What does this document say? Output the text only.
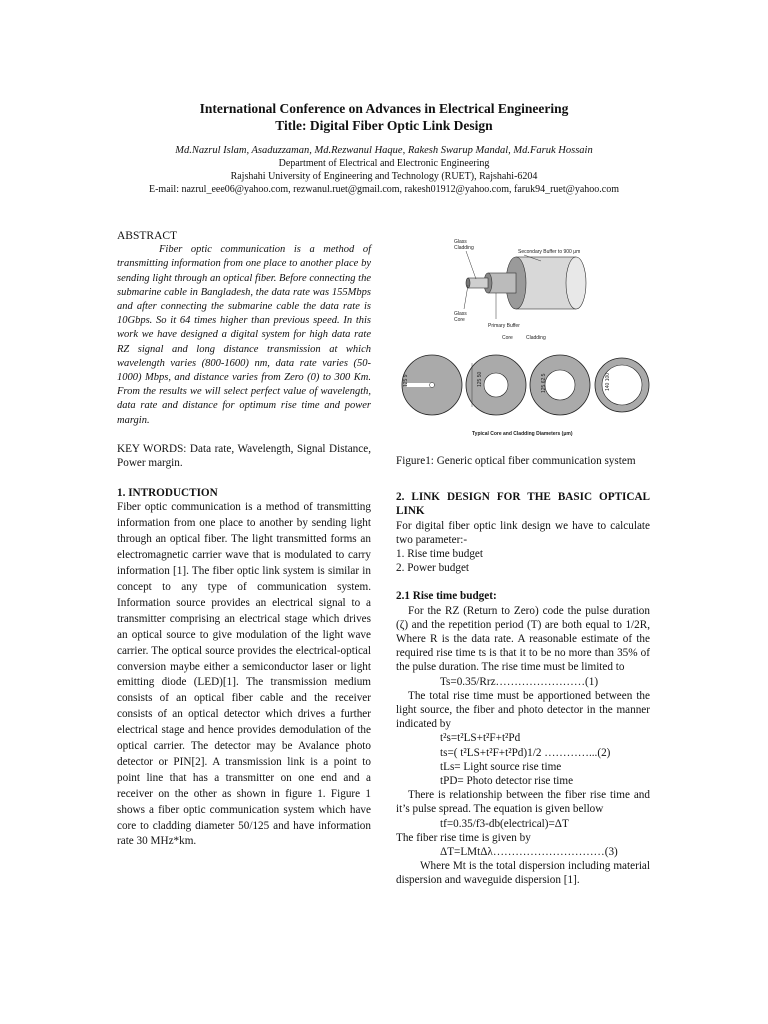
International Conference on Advances in Electrical Engineering
Title: Digital Fiber Optic Link Design
Md.Nazrul Islam, Asaduzzaman, Md.Rezwanul Haque, Rakesh Swarup Mandal, Md.Faruk Hossain
Department of Electrical and Electronic Engineering
Rajshahi University of Engineering and Technology (RUET), Rajshahi-6204
E-mail: nazrul_eee06@yahoo.com, rezwanul.ruet@gmail.com, rakesh01912@yahoo.com, faruk94_ruet@yahoo.com

ABSTRACT

Fiber optic communication is a method of transmitting information from one place to another place by sending light through an optical fiber. Before connecting the submarine cable in Bangladesh, the data rate was 155Mbps and after connecting the submarine cable the data rate is 10Gbps. So it 64 times higher than previous speed. In this work we have designed a digital system for high data rate RZ signal and long distance transmission at which wavelength varies (800-1600) nm, data rate varies (50-1000) Mbps, and distance varies from Zero (0) to 300 Km. From the results we will select perfect value of wavelength, data rate and distance for optimum rise time and power margin.

KEY WORDS: Data rate, Wavelength, Signal Distance, Power margin.

1. INTRODUCTION

Fiber optic communication is a method of transmitting information from one place to another by sending light through an optical fiber. The light transmitted forms an electromagnetic carrier wave that is modulated to carry information [1]. The fiber optic link system is similar in concept to any type of communication system. Information source provides an electrical signal to a transmitter comprising an electrical stage which drives an optical source to give modulation of the light wave carrier. The optical source provides the electrical-optical conversion maybe either a semiconductor laser or light emitting diode (LED)[1]. The transmission medium consists of an optical fiber cable and the receiver consists of an optical detector which drives a further electrical stage and hence provides demodulation of the optical carrier. The detector may be Avalance photo detector or PIN[2]. A transmission link is a point to point line that has a transmitter on one end and a receiver on the other as shown in figure 1. Figure 1 shows a fiber optic communication system which have core to cladding diameter 50/125 and have information rate 30 MHz*km.

Glass
Cladding
Secondary Buffer to 900 μm
Glass
Core
Primary Buffer
Core	Cladding
125 9	125 50	125 62.5	140 100
Typical Core and Cladding Diameters (μm)

Figure1: Generic optical fiber communication system

2. LINK DESIGN FOR THE BASIC OPTICAL LINK

For digital fiber optic link design we have to calculate two parameter:-

1. Rise time budget

2. Power budget

2.1 Rise time budget:

For the RZ (Return to Zero) code the pulse duration (ζ) and the repetition period (T) are both equal to 1/2R, Where R is the data rate. A reasonable estimate of the required rise time ts is that it to be no more than 35% of the pulse duration. The rise time must be limited to

Ts=0.35/Rrz……………………(1)

The total rise time must be apportioned between the light source, the fiber and photo detector in the manner indicated by

t²s=t²LS+t²F+t²Pd

ts=( t²LS+t²F+t²Pd)1/2 …………...(2)

tLs= Light source rise time

tPD= Photo detector rise time

There is relationship between the fiber rise time and it’s pulse spread. The equation is given bellow

tf=0.35/f3-db(electrical)=ΔT

The fiber rise time is given by

ΔT=LMtΔλ…………………………(3)

Where Mt is the total dispersion including material dispersion and waveguide dispersion [1].
